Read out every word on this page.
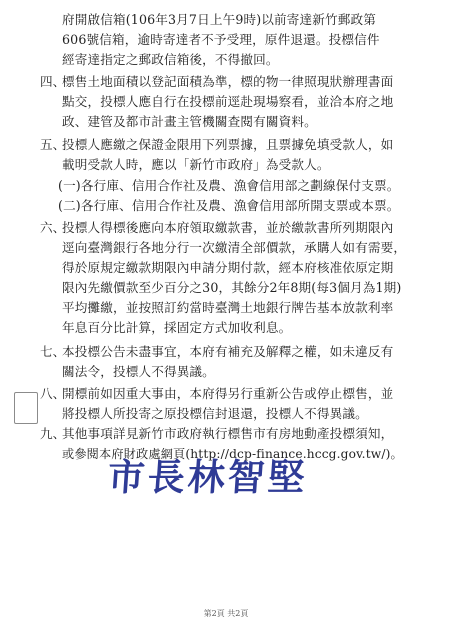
府開啟信箱(106年3月7日上午9時)以前寄達新竹郵政第
606號信箱，逾時寄達者不予受理，原件退還。投標信件
經寄達指定之郵政信箱後，不得撤回。
四、
標售土地面積以登記面積為準，標的物一律照現狀辦理書面
點交，投標人應自行在投標前逕赴現場察看，並洽本府之地
政、建管及都市計畫主管機關查閱有關資料。
五、
投標人應繳之保證金限用下列票據，且票據免填受款人，如
載明受款人時，應以「新竹市政府」為受款人。
(一)各行庫、信用合作社及農、漁會信用部之劃線保付支票。
(二)各行庫、信用合作社及農、漁會信用部所開支票或本票。
六、
投標人得標後應向本府領取繳款書，並於繳款書所列期限內
逕向臺灣銀行各地分行一次繳清全部價款，承購人如有需要，
得於原規定繳款期限內申請分期付款，經本府核准依原定期
限內先繳價款至少百分之30，其餘分2年8期(每3個月為1期)
平均攤繳，並按照訂約當時臺灣土地銀行牌告基本放款利率
年息百分比計算，採固定方式加收利息。
七、
本投標公告未盡事宜，本府有補充及解釋之權，如未違反有
關法令，投標人不得異議。
八、
開標前如因重大事由，本府得另行重新公告或停止標售，並
將投標人所投寄之原投標信封退還，投標人不得異議。
九、
其他事項詳見新竹市政府執行標售市有房地動產投標須知，
或參閱本府財政處網頁(http://dcp-finance.hccg.gov.tw/)。
市長林智堅
第2頁 共2頁
